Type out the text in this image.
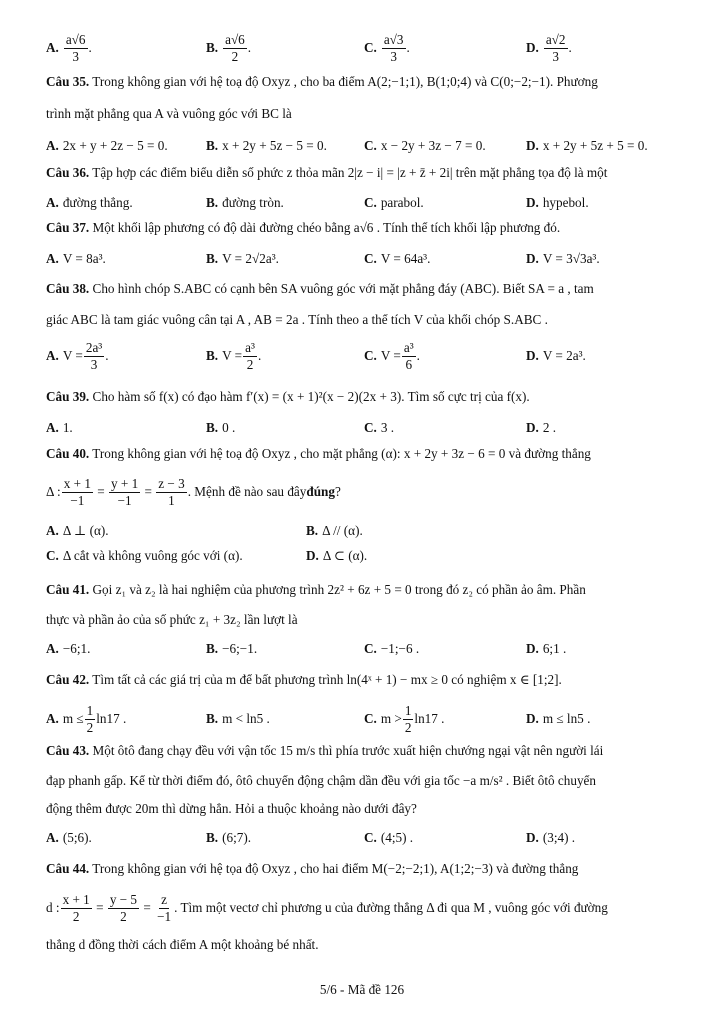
A. $\frac{a√6}{3}$ .	B. $\frac{a√6}{2}$ .	C. $\frac{a√3}{3}$ .	D. $\frac{a√2}{3}$ .
Câu 35. Trong không gian với hệ toạ độ Oxyz , cho ba điểm A(2;−1;1), B(1;0;4) và C(0;−2;−1). Phương
trình mặt phẳng qua A và vuông góc với BC là
A. 2x + y + 2z − 5 = 0.	B. x + 2y + 5z − 5 = 0.	C. x − 2y + 3z − 7 = 0.	D. x + 2y + 5z + 5 = 0.
Câu 36. Tập hợp các điểm biểu diễn số phức z thỏa mãn 2|z − i| = |z + z̄ + 2i| trên mặt phẳng tọa độ là một
A. đường thẳng.	B. đường tròn.	C. parabol.	D. hypebol.
Câu 37. Một khối lập phương có độ dài đường chéo bằng a√6 . Tính thể tích khối lập phương đó.
A. V = 8a³.	B. V = 2√2a³.	C. V = 64a³.	D. V = 3√3a³.
Câu 38. Cho hình chóp S.ABC có cạnh bên SA vuông góc với mặt phẳng đáy (ABC). Biết SA = a , tam
giác ABC là tam giác vuông cân tại A , AB = 2a . Tính theo a thể tích V của khối chóp S.ABC .
A. $V = \frac{\text{2a³}}{3}$ .	B. $V = \frac{\text{a³}}{2}$ .	C. $V = \frac{\text{a³}}{6}$ .	D. V = 2a³.
Câu 39. Cho hàm số f(x) có đạo hàm f′(x) = (x + 1)²(x − 2)(2x + 3). Tìm số cực trị của f(x).
A. 1.	B. 0 .	C. 3 .	D. 2 .
Câu 40. Trong không gian với hệ toạ độ Oxyz , cho mặt phẳng (α): x + 2y + 3z − 6 = 0 và đường thẳng
Δ : $\frac{x + 1}{-1} = \frac{y + 1}{-1} = \frac{z - 3}{1}$ . Mệnh đề nào sau đây đúng ?
A. Δ ⊥ (α).	B. Δ // (α).
C. Δ cắt và không vuông góc với (α).	D. Δ ⊂ (α).
Câu 41. Gọi z₁ và z₂ là hai nghiệm của phương trình 2z² + 6z + 5 = 0 trong đó z₂ có phần ảo âm. Phần
thực và phần ảo của số phức z₁ + 3z₂ lần lượt là
A. −6;1.	B. −6;−1.	C. −1;−6 .	D. 6;1 .
Câu 42. Tìm tất cả các giá trị của m để bất phương trình ln(4ˣ + 1) − mx ≥ 0 có nghiệm x ∈ [1;2].
A. $m \le \frac{1}{2} \ln 17$ .	B. m < ln5 .	C. $m > \frac{1}{2} \ln 17$ .	D. m ≤ ln5 .
Câu 43. Một ôtô đang chạy đều với vận tốc 15 m/s thì phía trước xuất hiện chướng ngại vật nên người lái
đạp phanh gấp. Kể từ thời điểm đó, ôtô chuyển động chậm dần đều với gia tốc −a m/s² . Biết ôtô chuyển
động thêm được 20m thì dừng hẳn. Hỏi a thuộc khoảng nào dưới đây?
A. (5;6).	B. (6;7).	C. (4;5) .	D. (3;4) .
Câu 44. Trong không gian với hệ tọa độ Oxyz , cho hai điểm M(−2;−2;1), A(1;2;−3) và đường thẳng
d : $\frac{x + 1}{2} = \frac{y - 5}{2} = \frac{z}{-1}$ . Tìm một vectơ chỉ phương u của đường thẳng Δ đi qua M , vuông góc với đường
thẳng d đồng thời cách điểm A một khoảng bé nhất.
5/6 - Mã đề 126
